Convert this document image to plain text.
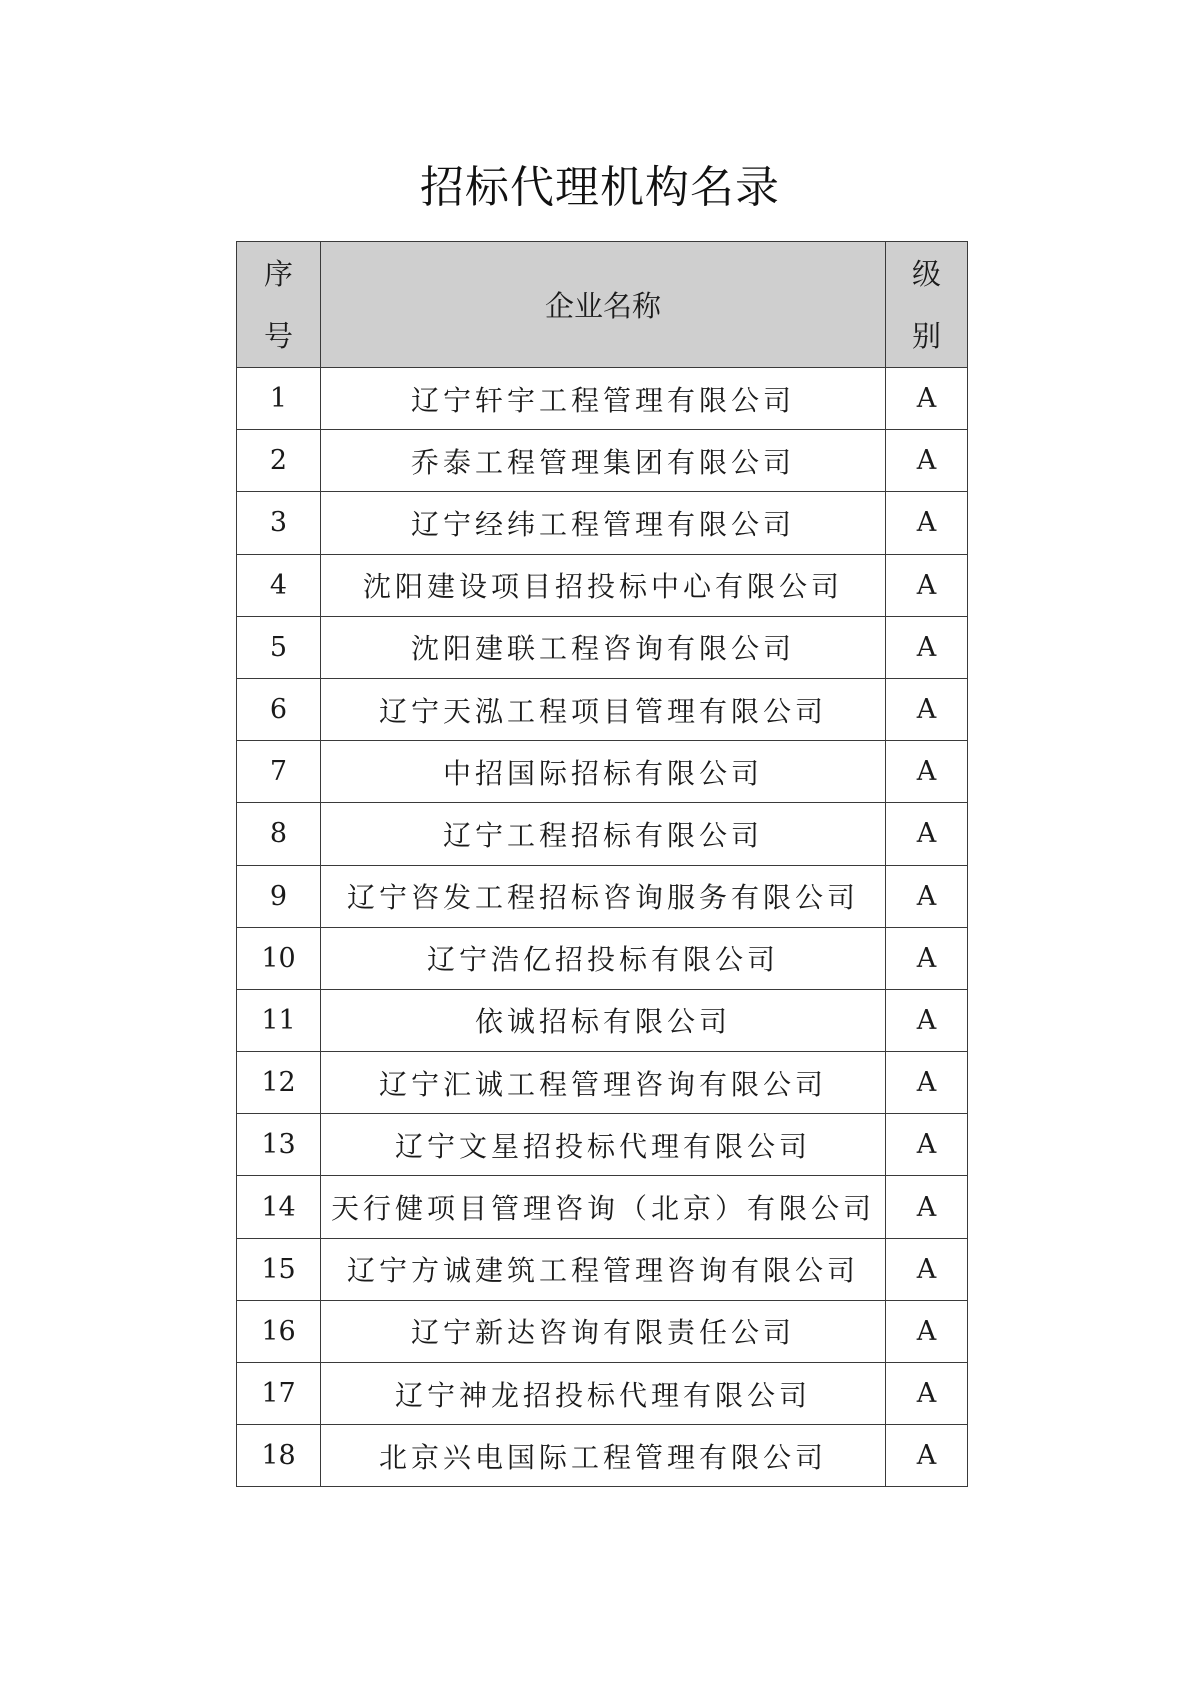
招标代理机构名录
序号	企业名称	级别
1	辽宁轩宇工程管理有限公司	A
2	乔泰工程管理集团有限公司	A
3	辽宁经纬工程管理有限公司	A
4	沈阳建设项目招投标中心有限公司	A
5	沈阳建联工程咨询有限公司	A
6	辽宁天泓工程项目管理有限公司	A
7	中招国际招标有限公司	A
8	辽宁工程招标有限公司	A
9	辽宁咨发工程招标咨询服务有限公司	A
10	辽宁浩亿招投标有限公司	A
11	依诚招标有限公司	A
12	辽宁汇诚工程管理咨询有限公司	A
13	辽宁文星招投标代理有限公司	A
14	天行健项目管理咨询（北京）有限公司	A
15	辽宁方诚建筑工程管理咨询有限公司	A
16	辽宁新达咨询有限责任公司	A
17	辽宁神龙招投标代理有限公司	A
18	北京兴电国际工程管理有限公司	A
